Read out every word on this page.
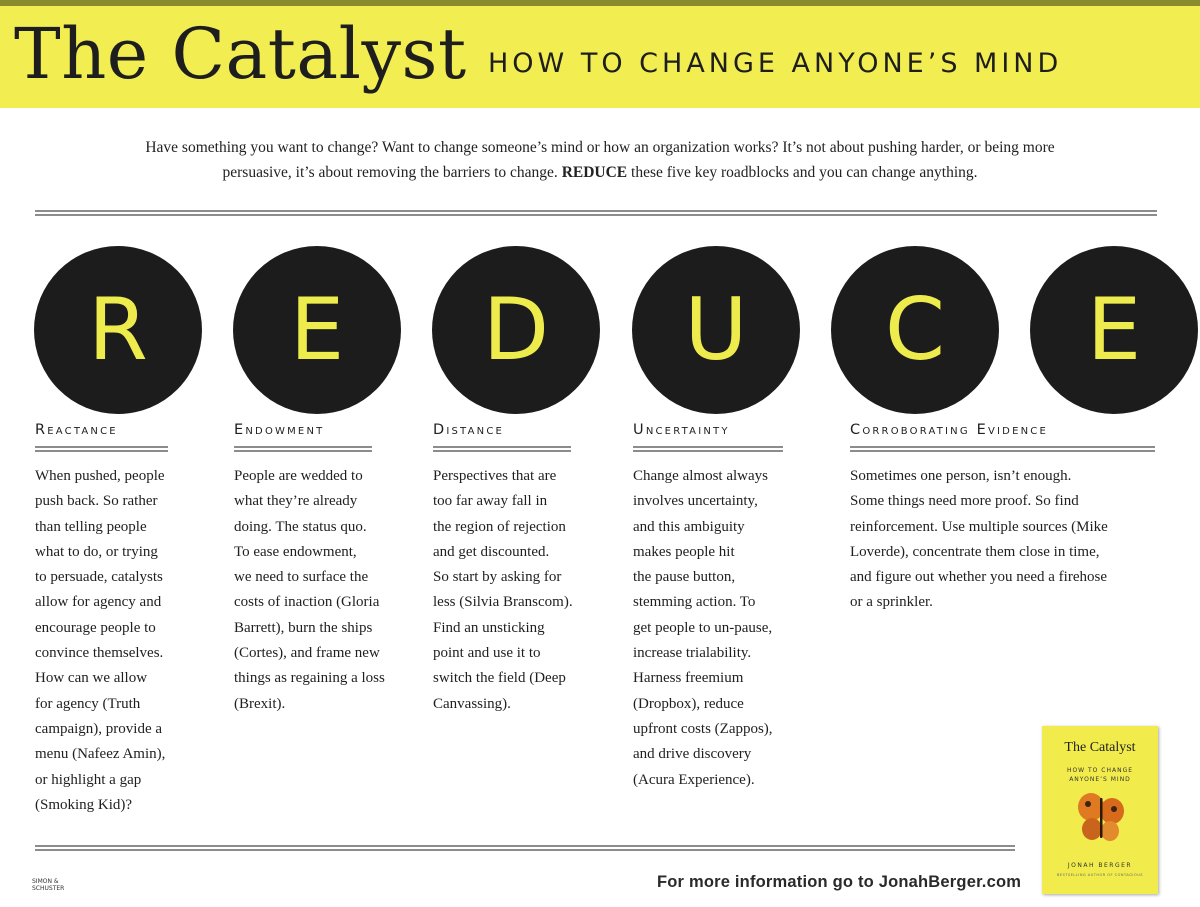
The Catalyst HOW TO CHANGE ANYONE’S MIND
Have something you want to change? Want to change someone’s mind or how an organization works? It’s not about pushing harder, or being more
persuasive, it’s about removing the barriers to change. REDUCE these five key roadblocks and you can change anything.
R	E	D	U	C	E
Reactance
When pushed, people
push back. So rather
than telling people
what to do, or trying
to persuade, catalysts
allow for agency and
encourage people to
convince themselves.
How can we allow
for agency (Truth
campaign), provide a
menu (Nafeez Amin),
or highlight a gap
(Smoking Kid)?
Endowment
People are wedded to
what they’re already
doing. The status quo.
To ease endowment,
we need to surface the
costs of inaction (Gloria
Barrett), burn the ships
(Cortes), and frame new
things as regaining a loss
(Brexit).
Distance
Perspectives that are
too far away fall in
the region of rejection
and get discounted.
So start by asking for
less (Silvia Branscom).
Find an unsticking
point and use it to
switch the field (Deep
Canvassing).
Uncertainty
Change almost always
involves uncertainty,
and this ambiguity
makes people hit
the pause button,
stemming action. To
get people to un-pause,
increase trialability.
Harness freemium
(Dropbox), reduce
upfront costs (Zappos),
and drive discovery
(Acura Experience).
Corroborating Evidence
Sometimes one person, isn’t enough.
Some things need more proof. So find
reinforcement. Use multiple sources (Mike
Loverde), concentrate them close in time,
and figure out whether you need a firehose
or a sprinkler.
SIMON &
SCHUSTER	For more information go to JonahBerger.com
The Catalyst
HOW TO CHANGE
ANYONE’S MIND
JONAH BERGER
BESTSELLING AUTHOR OF CONTAGIOUS
